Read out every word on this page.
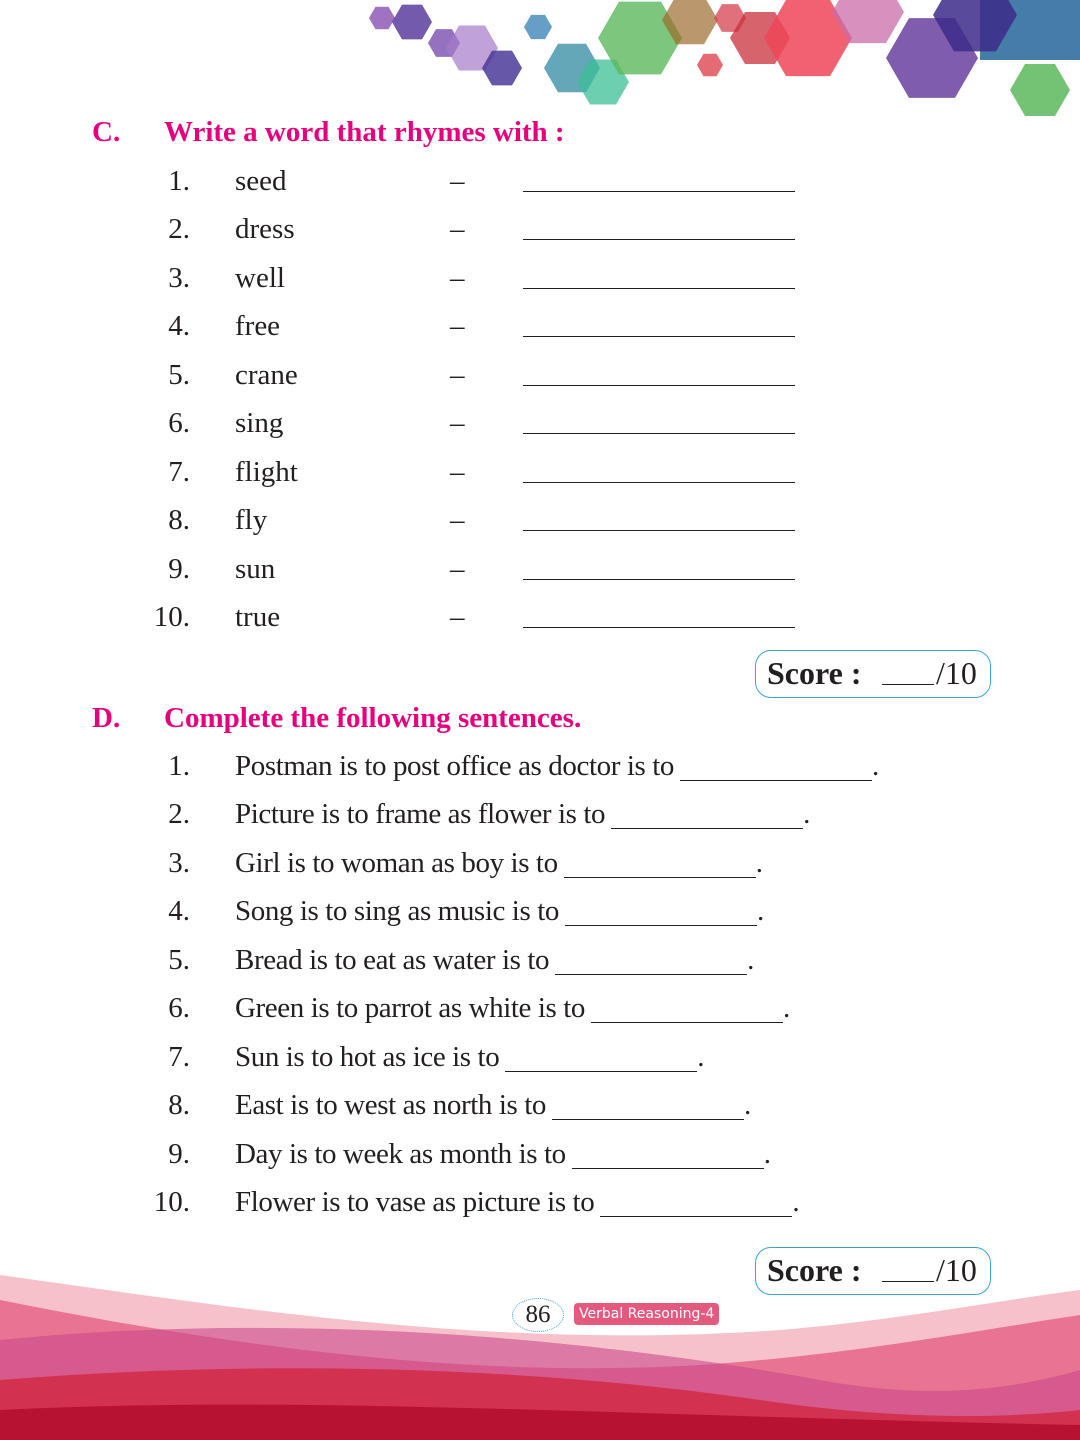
C. Write a word that rhymes with :
1. seed	–
2. dress	–
3. well	–
4. free	–
5. crane	–
6. sing	–
7. flight	–
8. fly	–
9. sun	–
10. true	–
Score : /10
D. Complete the following sentences.
1. Postman is to post office as doctor is to	.
2. Picture is to frame as flower is to	.
3. Girl is to woman as boy is to	.
4. Song is to sing as music is to	.
5. Bread is to eat as water is to	.
6. Green is to parrot as white is to	.
7. Sun is to hot as ice is to	.
8. East is to west as north is to	.
9. Day is to week as month is to	.
10. Flower is to vase as picture is to	.
Score : /10
86	Verbal Reasoning-4
